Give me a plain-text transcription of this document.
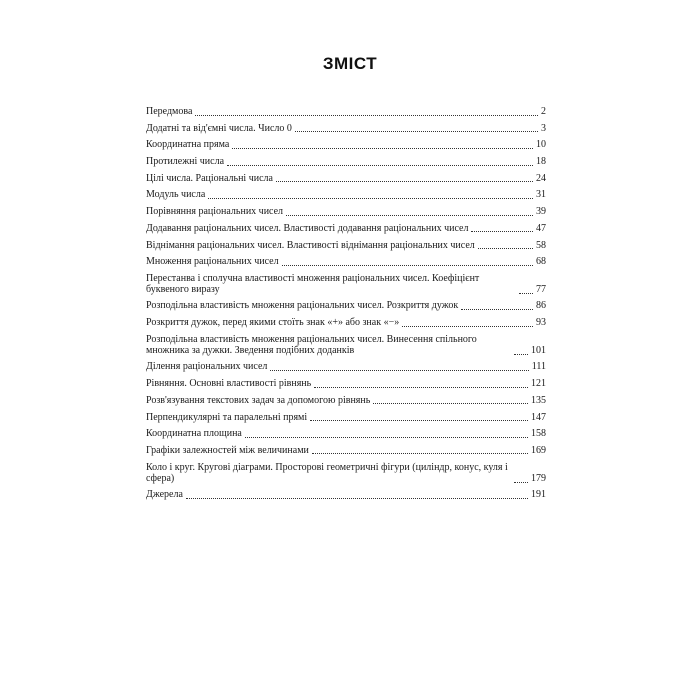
ЗМІСТ
Передмова	2
Додатні та від'ємні числа. Число 0	3
Координатна пряма	10
Протилежні числа	18
Цілі числа. Раціональні числа	24
Модуль числа	31
Порівняння раціональних чисел	39
Додавання раціональних чисел. Властивості додавання раціональних чисел	47
Віднімання раціональних чисел. Властивості віднімання раціональних чисел	58
Множення раціональних чисел	68
Перестанва і сполучна властивості множення раціональних чисел. Коефіцієнт буквеного виразу	77
Розподільна властивість множення раціональних чисел. Розкриття дужок	86
Розкриття дужок, перед якими стоїть знак «+» або знак «−»	93
Розподільна властивість множення раціональних чисел. Винесення спільного множника за дужки. Зведення подібних доданків	101
Ділення раціональних чисел	111
Рівняння. Основні властивості рівнянь	121
Розв'язування текстових задач за допомогою рівнянь	135
Перпендикулярні та паралельні прямі	147
Координатна площина	158
Графіки залежностей між величинами	169
Коло і круг. Кругові діаграми. Просторові геометричні фігури (циліндр, конус, куля і сфера)	179
Джерела	191
